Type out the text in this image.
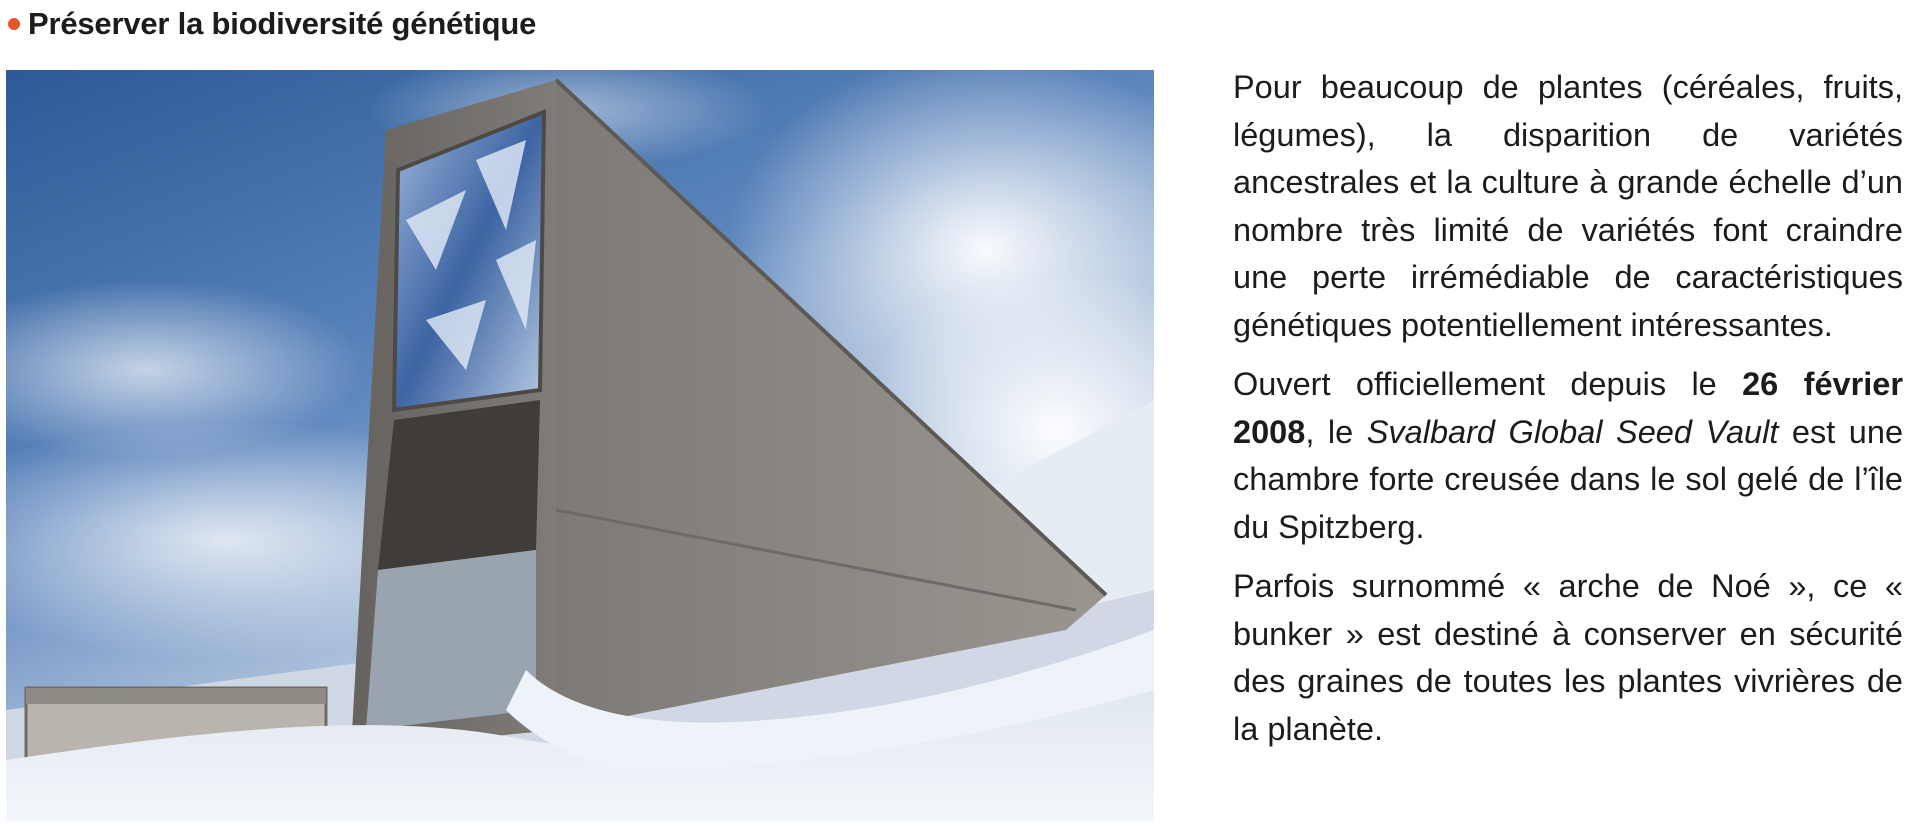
Préserver la biodiversité génétique

Pour beaucoup de plantes (céréales, fruits, légumes), la disparition de variétés ancestrales et la culture à grande échelle d’un nombre très limité de variétés font craindre une perte irrémédiable de caractéristiques génétiques potentiellement intéressantes.

Ouvert officiellement depuis le 26 février 2008, le Svalbard Global Seed Vault est une chambre forte creusée dans le sol gelé de l’île du Spitzberg.

Parfois surnommé « arche de Noé », ce « bunker » est destiné à conserver en sécurité des graines de toutes les plantes vivrières de la planète.
